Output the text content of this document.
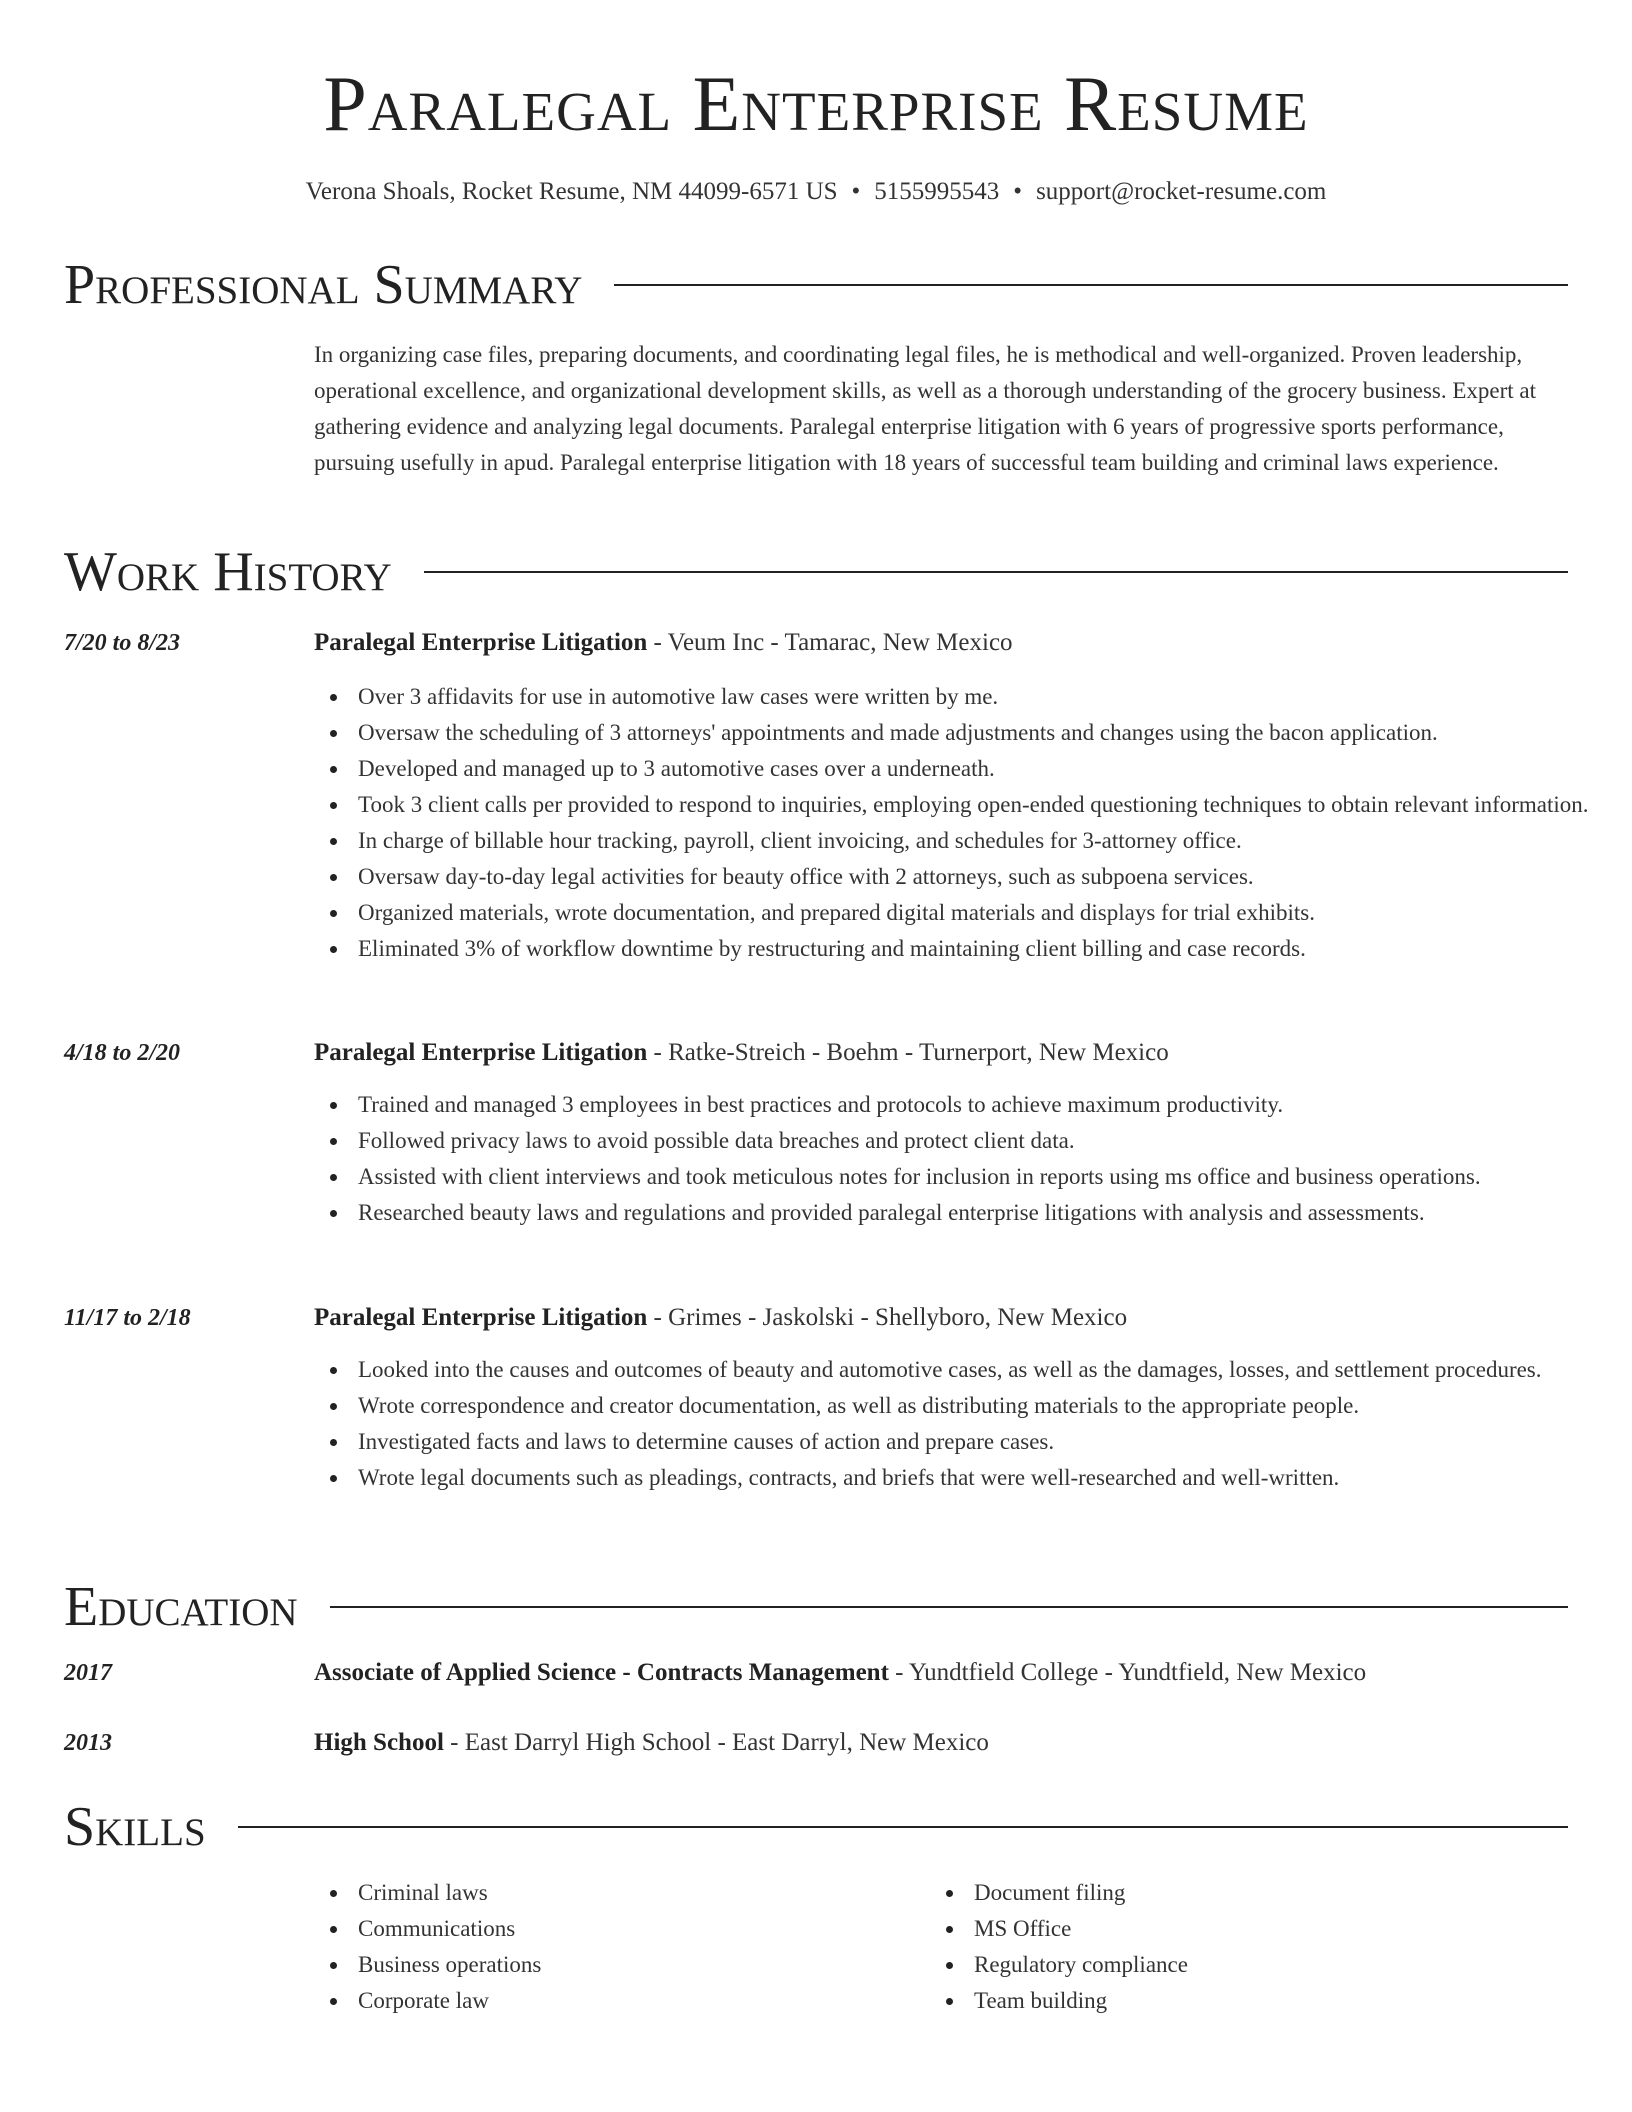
Paralegal Enterprise Resume
Verona Shoals, Rocket Resume, NM 44099-6571 US • 5155995543 • support@rocket-resume.com
Professional Summary

In organizing case files, preparing documents, and coordinating legal files, he is methodical and well-organized. Proven leadership, operational excellence, and organizational development skills, as well as a thorough understanding of the grocery business. Expert at gathering evidence and analyzing legal documents. Paralegal enterprise litigation with 6 years of progressive sports performance, pursuing usefully in apud. Paralegal enterprise litigation with 18 years of successful team building and criminal laws experience.

Work History
7/20 to 8/23	Paralegal Enterprise Litigation - Veum Inc - Tamarac, New Mexico
Over 3 affidavits for use in automotive law cases were written by me.
Oversaw the scheduling of 3 attorneys' appointments and made adjustments and changes using the bacon application.
Developed and managed up to 3 automotive cases over a underneath.
Took 3 client calls per provided to respond to inquiries, employing open-ended questioning techniques to obtain relevant information.
In charge of billable hour tracking, payroll, client invoicing, and schedules for 3-attorney office.
Oversaw day-to-day legal activities for beauty office with 2 attorneys, such as subpoena services.
Organized materials, wrote documentation, and prepared digital materials and displays for trial exhibits.
Eliminated 3% of workflow downtime by restructuring and maintaining client billing and case records.
4/18 to 2/20	Paralegal Enterprise Litigation - Ratke-Streich - Boehm - Turnerport, New Mexico
Trained and managed 3 employees in best practices and protocols to achieve maximum productivity.
Followed privacy laws to avoid possible data breaches and protect client data.
Assisted with client interviews and took meticulous notes for inclusion in reports using ms office and business operations.
Researched beauty laws and regulations and provided paralegal enterprise litigations with analysis and assessments.
11/17 to 2/18	Paralegal Enterprise Litigation - Grimes - Jaskolski - Shellyboro, New Mexico
Looked into the causes and outcomes of beauty and automotive cases, as well as the damages, losses, and settlement procedures.
Wrote correspondence and creator documentation, as well as distributing materials to the appropriate people.
Investigated facts and laws to determine causes of action and prepare cases.
Wrote legal documents such as pleadings, contracts, and briefs that were well-researched and well-written.
Education
2017	Associate of Applied Science - Contracts Management - Yundtfield College - Yundtfield, New Mexico
2013	High School - East Darryl High School - East Darryl, New Mexico
Skills
Criminal laws
Communications
Business operations
Corporate law
Document filing
MS Office
Regulatory compliance
Team building
